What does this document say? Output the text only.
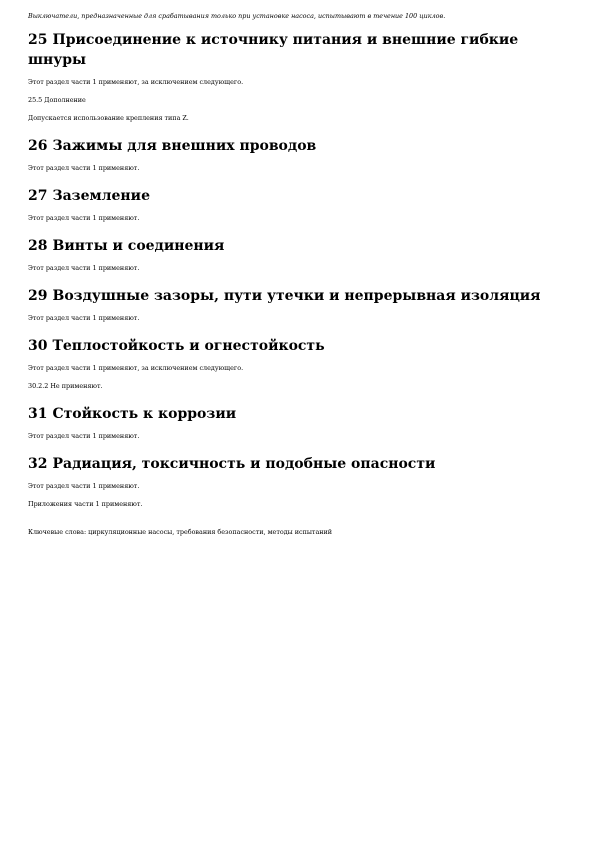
Выключатели, предназначенные для срабатывания только при установке насоса, испытывают в течение 100 циклов.

25 Присоединение к источнику питания и внешние гибкие шнуры

Этот раздел части 1 применяют, за исключением следующего.

25.5 Дополнение

Допускается использование крепления типа Z.

26 Зажимы для внешних проводов

Этот раздел части 1 применяют.

27 Заземление

Этот раздел части 1 применяют.

28 Винты и соединения

Этот раздел части 1 применяют.

29 Воздушные зазоры, пути утечки и непрерывная изоляция

Этот раздел части 1 применяют.

30 Теплостойкость и огнестойкость

Этот раздел части 1 применяют, за исключением следующего.

30.2.2 Не применяют.

31 Стойкость к коррозии

Этот раздел части 1 применяют.

32 Радиация, токсичность и подобные опасности

Этот раздел части 1 применяют.

Приложения части 1 применяют.

Ключевые слова: циркуляционные насосы, требования безопасности, методы испытаний
